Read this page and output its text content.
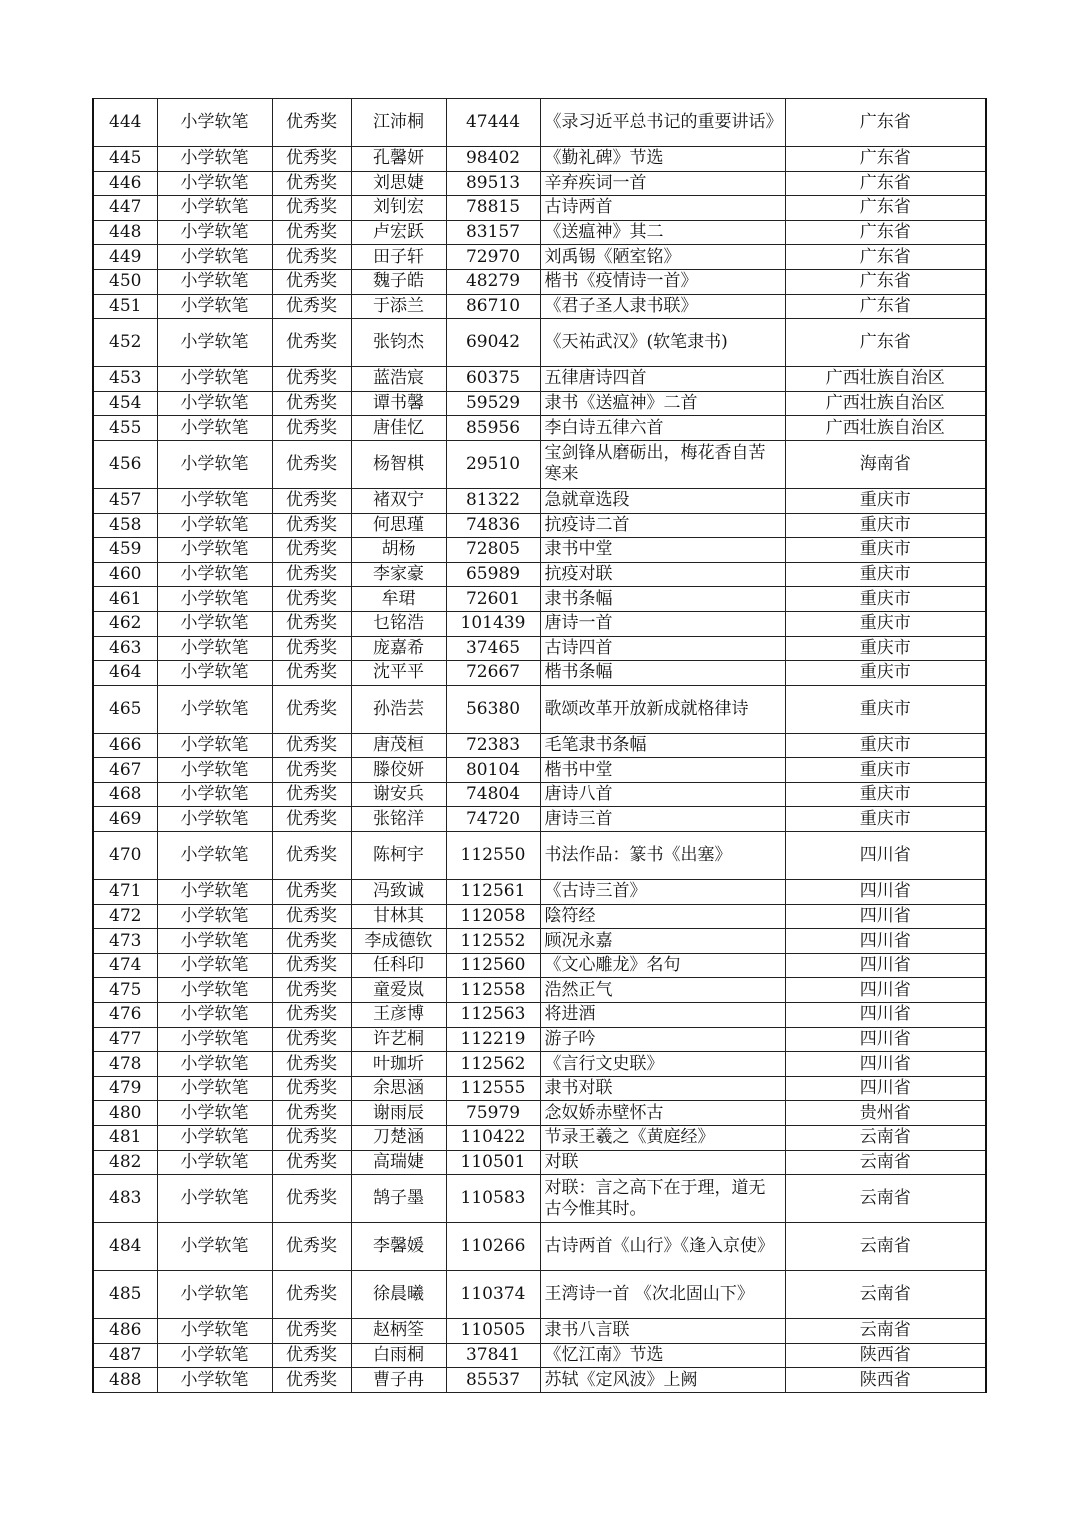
444	小学软笔	优秀奖	江沛桐	47444	《录习近平总书记的重要讲话》	广东省
445	小学软笔	优秀奖	孔馨妍	98402	《勤礼碑》节选	广东省
446	小学软笔	优秀奖	刘思婕	89513	辛弃疾词一首	广东省
447	小学软笔	优秀奖	刘钊宏	78815	古诗两首	广东省
448	小学软笔	优秀奖	卢宏跃	83157	《送瘟神》其二	广东省
449	小学软笔	优秀奖	田子轩	72970	刘禹锡《陋室铭》	广东省
450	小学软笔	优秀奖	魏子皓	48279	楷书《疫情诗一首》	广东省
451	小学软笔	优秀奖	于添兰	86710	《君子圣人隶书联》	广东省
452	小学软笔	优秀奖	张钧杰	69042	《天祐武汉》(软笔隶书)	广东省
453	小学软笔	优秀奖	蓝浩宸	60375	五律唐诗四首	广西壮族自治区
454	小学软笔	优秀奖	谭书馨	59529	隶书《送瘟神》二首	广西壮族自治区
455	小学软笔	优秀奖	唐佳忆	85956	李白诗五律六首	广西壮族自治区
456	小学软笔	优秀奖	杨智棋	29510	宝剑锋从磨砺出，梅花香自苦寒来	海南省
457	小学软笔	优秀奖	褚双宁	81322	急就章选段	重庆市
458	小学软笔	优秀奖	何思瑾	74836	抗疫诗二首	重庆市
459	小学软笔	优秀奖	胡杨	72805	隶书中堂	重庆市
460	小学软笔	优秀奖	李家豪	65989	抗疫对联	重庆市
461	小学软笔	优秀奖	牟珺	72601	隶书条幅	重庆市
462	小学软笔	优秀奖	乜铭浩	101439	唐诗一首	重庆市
463	小学软笔	优秀奖	庞嘉希	37465	古诗四首	重庆市
464	小学软笔	优秀奖	沈平平	72667	楷书条幅	重庆市
465	小学软笔	优秀奖	孙浩芸	56380	歌颂改革开放新成就格律诗	重庆市
466	小学软笔	优秀奖	唐茂桓	72383	毛笔隶书条幅	重庆市
467	小学软笔	优秀奖	滕佼妍	80104	楷书中堂	重庆市
468	小学软笔	优秀奖	谢安兵	74804	唐诗八首	重庆市
469	小学软笔	优秀奖	张铭洋	74720	唐诗三首	重庆市
470	小学软笔	优秀奖	陈柯宇	112550	书法作品：篆书《出塞》	四川省
471	小学软笔	优秀奖	冯致诚	112561	《古诗三首》	四川省
472	小学软笔	优秀奖	甘林其	112058	陰符经	四川省
473	小学软笔	优秀奖	李成德钦	112552	顾况永嘉	四川省
474	小学软笔	优秀奖	任科印	112560	《文心雕龙》名句	四川省
475	小学软笔	优秀奖	童爱岚	112558	浩然正气	四川省
476	小学软笔	优秀奖	王彦博	112563	将进酒	四川省
477	小学软笔	优秀奖	许艺桐	112219	游子吟	四川省
478	小学软笔	优秀奖	叶珈圻	112562	《言行文史联》	四川省
479	小学软笔	优秀奖	余思涵	112555	隶书对联	四川省
480	小学软笔	优秀奖	谢雨辰	75979	念奴娇赤壁怀古	贵州省
481	小学软笔	优秀奖	刀楚涵	110422	节录王羲之《黄庭经》	云南省
482	小学软笔	优秀奖	高瑞婕	110501	对联	云南省
483	小学软笔	优秀奖	鹄子墨	110583	对联：言之高下在于理，道无古今惟其时。	云南省
484	小学软笔	优秀奖	李馨媛	110266	古诗两首《山行》《逢入京使》	云南省
485	小学软笔	优秀奖	徐晨曦	110374	王湾诗一首 《次北固山下》	云南省
486	小学软笔	优秀奖	赵柄筌	110505	隶书八言联	云南省
487	小学软笔	优秀奖	白雨桐	37841	《忆江南》节选	陕西省
488	小学软笔	优秀奖	曹子冉	85537	苏轼《定风波》上阙	陕西省
